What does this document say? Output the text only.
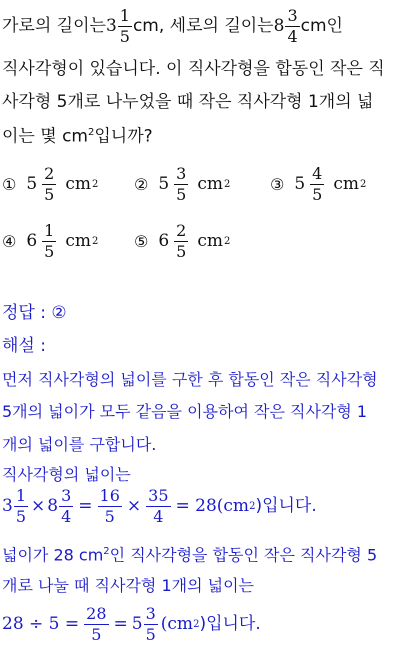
가로의 길이는 $3 \frac{1}{5}$ cm, 세로의 길이는 $8 \frac{3}{4}$ cm인
직사각형이 있습니다. 이 직사각형을 합동인 작은 직
사각형 5개로 나누었을 때 작은 직사각형 1개의 넓
이는 몇 $cm^2$입니까?
① $5 \frac{2}{5}$ cm 2 ② $5 \frac{3}{5}$ cm 2 ③ $5 \frac{4}{5}$ cm 2
④ $6 \frac{1}{5}$ cm 2 ⑤ $6 \frac{2}{5}$ cm 2
정답 : ②
해설 :
먼저 직사각형의 넓이를 구한 후 합동인 작은 직사각형
5개의 넓이가 모두 같음을 이용하여 작은 직사각형 1
개의 넓이를 구합니다.
직사각형의 넓이는
$3 \frac{1}{5} \times 8 \frac{3}{4} = \frac{16}{5} \times \frac{35}{4} = 28(cm$ 2 )입니다.
넓이가 28 $cm^2$인 직사각형을 합동인 작은 직사각형 5
개로 나눌 때 직사각형 1개의 넓이는
$28 \div 5 = \frac{28}{5} = 5 \frac{3}{5} (cm$ 2 )입니다.
